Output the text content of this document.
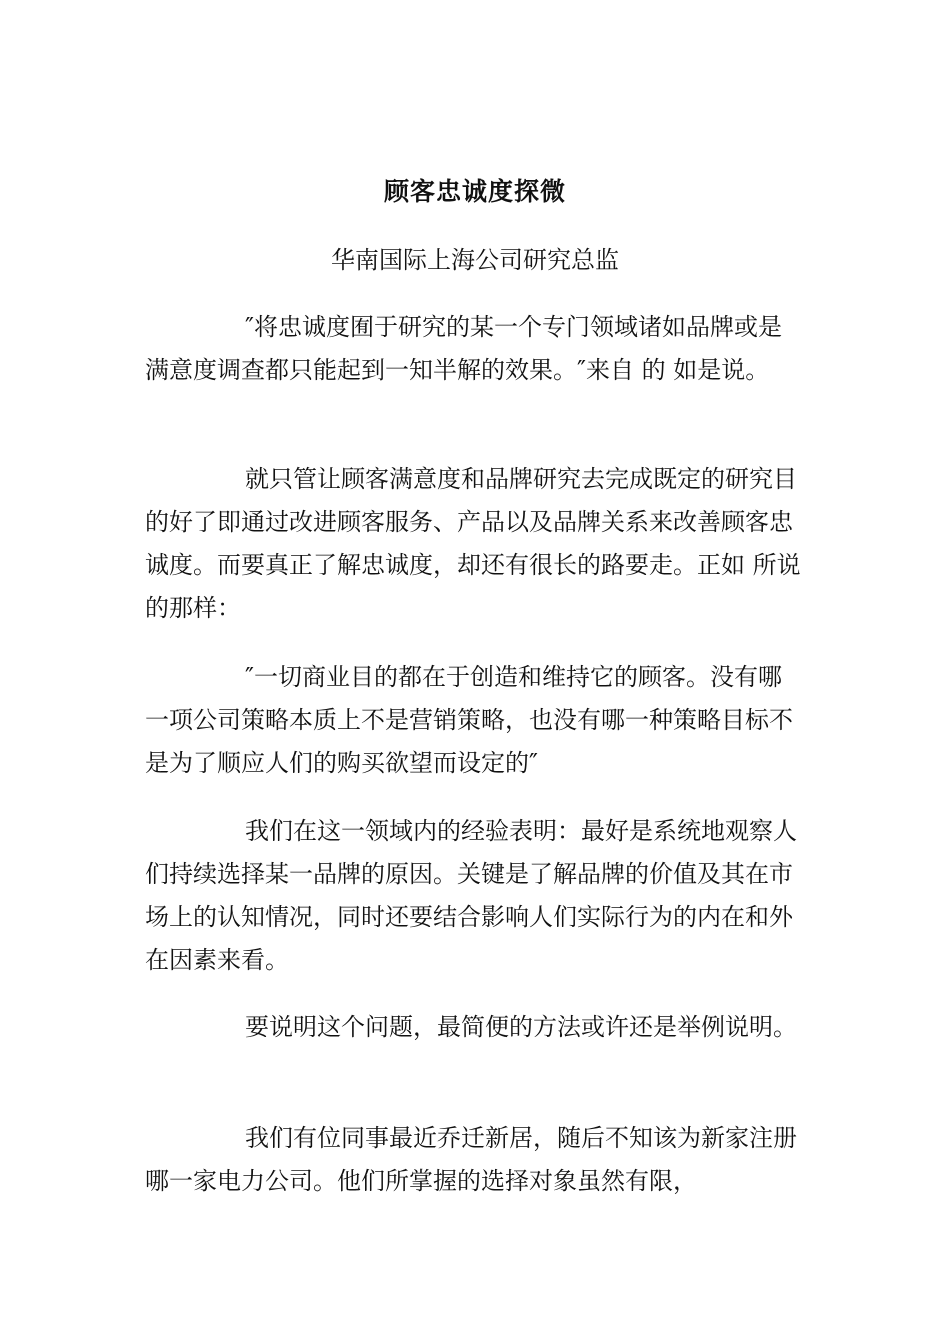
顾客忠诚度探微
华南国际上海公司研究总监

″将忠诚度囿于研究的某一个专门领域诸如品牌或是满意度调查都只能起到一知半解的效果。″来自 的 如是说。

就只管让顾客满意度和品牌研究去完成既定的研究目的好了即通过改进顾客服务、产品以及品牌关系来改善顾客忠诚度。而要真正了解忠诚度，却还有很长的路要走。正如 所说的那样：

″一切商业目的都在于创造和维持它的顾客。没有哪一项公司策略本质上不是营销策略，也没有哪一种策略目标不是为了顺应人们的购买欲望而设定的″

我们在这一领域内的经验表明：最好是系统地观察人们持续选择某一品牌的原因。关键是了解品牌的价值及其在市场上的认知情况，同时还要结合影响人们实际行为的内在和外在因素来看。

要说明这个问题，最简便的方法或许还是举例说明。

我们有位同事最近乔迁新居，随后不知该为新家注册哪一家电力公司。他们所掌握的选择对象虽然有限，
